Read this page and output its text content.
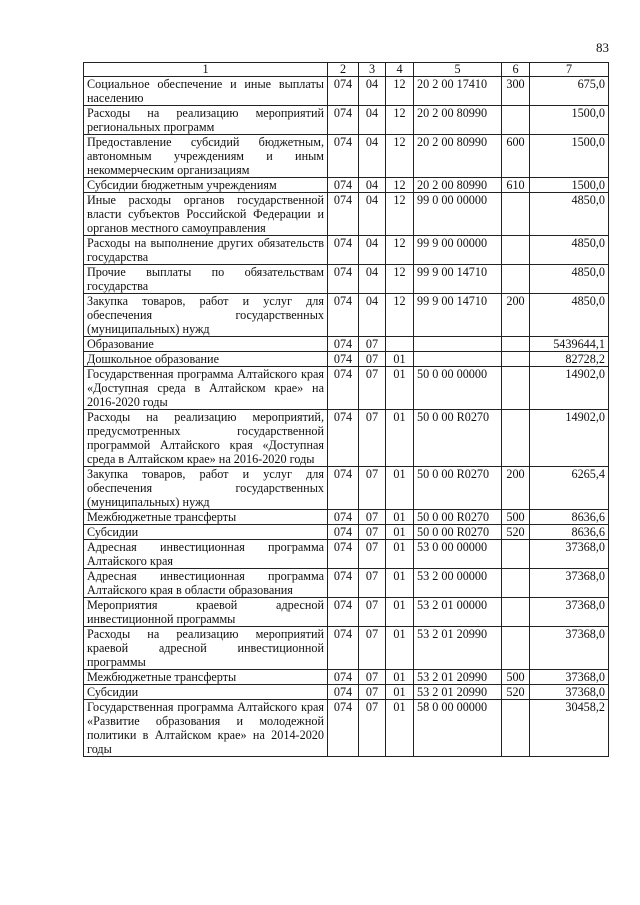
83
1	2	3	4	5	6	7
Социальное обеспечение и иные выплаты населению	074	04	12	20 2 00 17410	300	675,0
Расходы на реализацию мероприятий региональных программ	074	04	12	20 2 00 80990		1500,0
Предоставление субсидий бюджетным, автономным учреждениям и иным некоммерческим организациям	074	04	12	20 2 00 80990	600	1500,0
Субсидии бюджетным учреждениям	074	04	12	20 2 00 80990	610	1500,0
Иные расходы органов государственной власти субъектов Российской Федерации и органов местного самоуправления	074	04	12	99 0 00 00000		4850,0
Расходы на выполнение других обязательств государства	074	04	12	99 9 00 00000		4850,0
Прочие выплаты по обязательствам государства	074	04	12	99 9 00 14710		4850,0
Закупка товаров, работ и услуг для обеспечения государственных (муниципальных) нужд	074	04	12	99 9 00 14710	200	4850,0
Образование	074	07				5439644,1
Дошкольное образование	074	07	01			82728,2
Государственная программа Алтайского края «Доступная среда в Алтайском крае» на 2016-2020 годы	074	07	01	50 0 00 00000		14902,0
Расходы на реализацию мероприятий, предусмотренных государственной программой Алтайского края «Доступная среда в Алтайском крае» на 2016-2020 годы	074	07	01	50 0 00 R0270		14902,0
Закупка товаров, работ и услуг для обеспечения государственных (муниципальных) нужд	074	07	01	50 0 00 R0270	200	6265,4
Межбюджетные трансферты	074	07	01	50 0 00 R0270	500	8636,6
Субсидии	074	07	01	50 0 00 R0270	520	8636,6
Адресная инвестиционная программа Алтайского края	074	07	01	53 0 00 00000		37368,0
Адресная инвестиционная программа Алтайского края в области образования	074	07	01	53 2 00 00000		37368,0
Мероприятия краевой адресной инвестиционной программы	074	07	01	53 2 01 00000		37368,0
Расходы на реализацию мероприятий краевой адресной инвестиционной программы	074	07	01	53 2 01 20990		37368,0
Межбюджетные трансферты	074	07	01	53 2 01 20990	500	37368,0
Субсидии	074	07	01	53 2 01 20990	520	37368,0
Государственная программа Алтайского края «Развитие образования и молодежной политики в Алтайском крае» на 2014-2020 годы	074	07	01	58 0 00 00000		30458,2
